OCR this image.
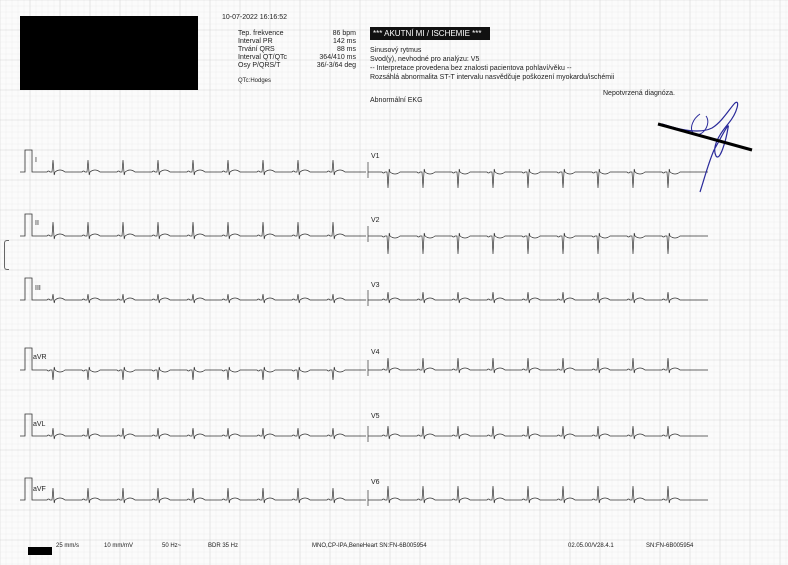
10-07-2022 16:16:52
Tep. frekvence	86 bpm
Interval PR	142 ms
Trvání QRS	88 ms
Interval QT/QTc	364/410 ms
Osy P/QRS/T	36/-3/64 deg
QTc:Hodges
*** AKUTNÍ MI / ISCHEMIE ***
Sinusový rytmus
Svod(y), nevhodné pro analýzu: V5
-- Interpretace provedena bez znalosti pacientova pohlaví/věku --
Rozsáhlá abnormalita ST-T intervalu nasvědčuje poškození myokardu/ischémii
Abnormální EKG
Nepotvrzená diagnóza.
I
II
III
aVR
aVL
aVF
V1
V2
V3
V4
V5
V6
25 mm/s	10 mm/mV	50 Hz~	BDR 35 Hz	MNO,CP-IPA,BeneHeart SN:FN-6B005954	02.05.00/V28.4.1	SN:FN-6B005954
